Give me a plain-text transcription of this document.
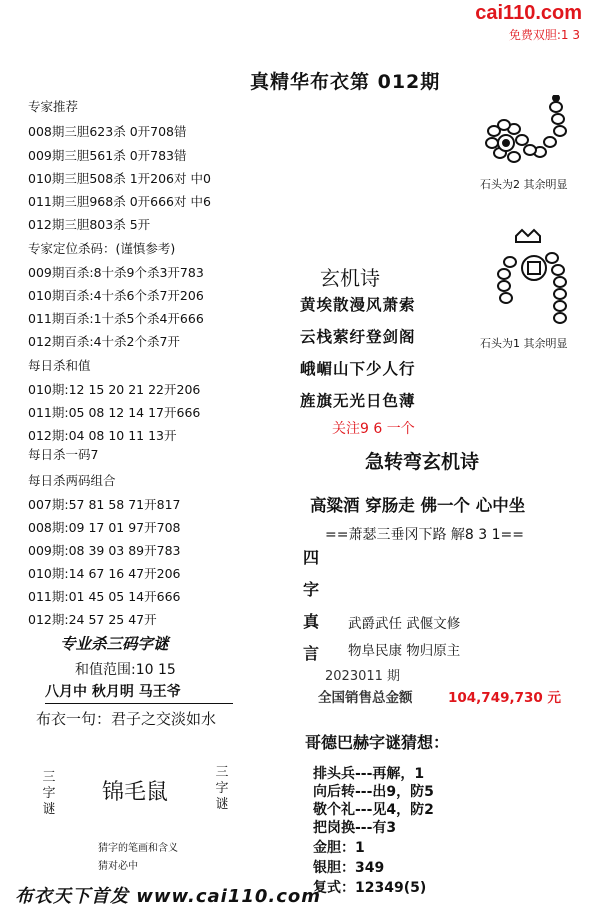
cai110.com
免费双胆:1 3
真精华布衣第 012期
专家推荐
008期三胆623杀 0开708错
009期三胆561杀 0开783错
010期三胆508杀 1开206对 中0
011期三胆968杀 0开666对 中6
012期三胆803杀 5开
专家定位杀码：(谨慎参考)
009期百杀:8十杀9个杀3开783
010期百杀:4十杀6个杀7开206
011期百杀:1十杀5个杀4开666
012期百杀:4十杀2个杀7开
每日杀和值
010期:12 15 20 21 22开206
011期:05 08 12 14 17开666
012期:04 08 10 11 13开
每日杀一码7
每日杀两码组合
007期:57 81 58 71开817
008期:09 17 01 97开708
009期:08 39 03 89开783
010期:14 67 16 47开206
011期:01 45 05 14开666
012期:24 57 25 47开
专业杀三码字谜
和值范围:10 15
八月中 秋月明 马王爷
布衣一句：君子之交淡如水
三字谜
三字谜
锦毛鼠
猜字的笔画和含义
猜对必中
石头为2 其余明显
石头为1 其余明显
玄机诗
黄埃散漫风萧索
云栈萦纡登剑阁
峨嵋山下少人行
旌旗无光日色薄
关注9 6 一个
急转弯玄机诗
高粱酒 穿肠走 佛一个 心中坐
==萧瑟三垂冈下路 解8 3 1==
四
字
真
言
武爵武任 武偃文修
物阜民康 物归原主
2023011 期
全国销售总金额	104,749,730 元
哥德巴赫字谜猜想：
排头兵---再解，1
向后转---出9，防5
敬个礼---见4，防2
把岗换---有3
金胆：1
银胆：349
复式：12349(5)
布衣天下首发 www.cai110.com
